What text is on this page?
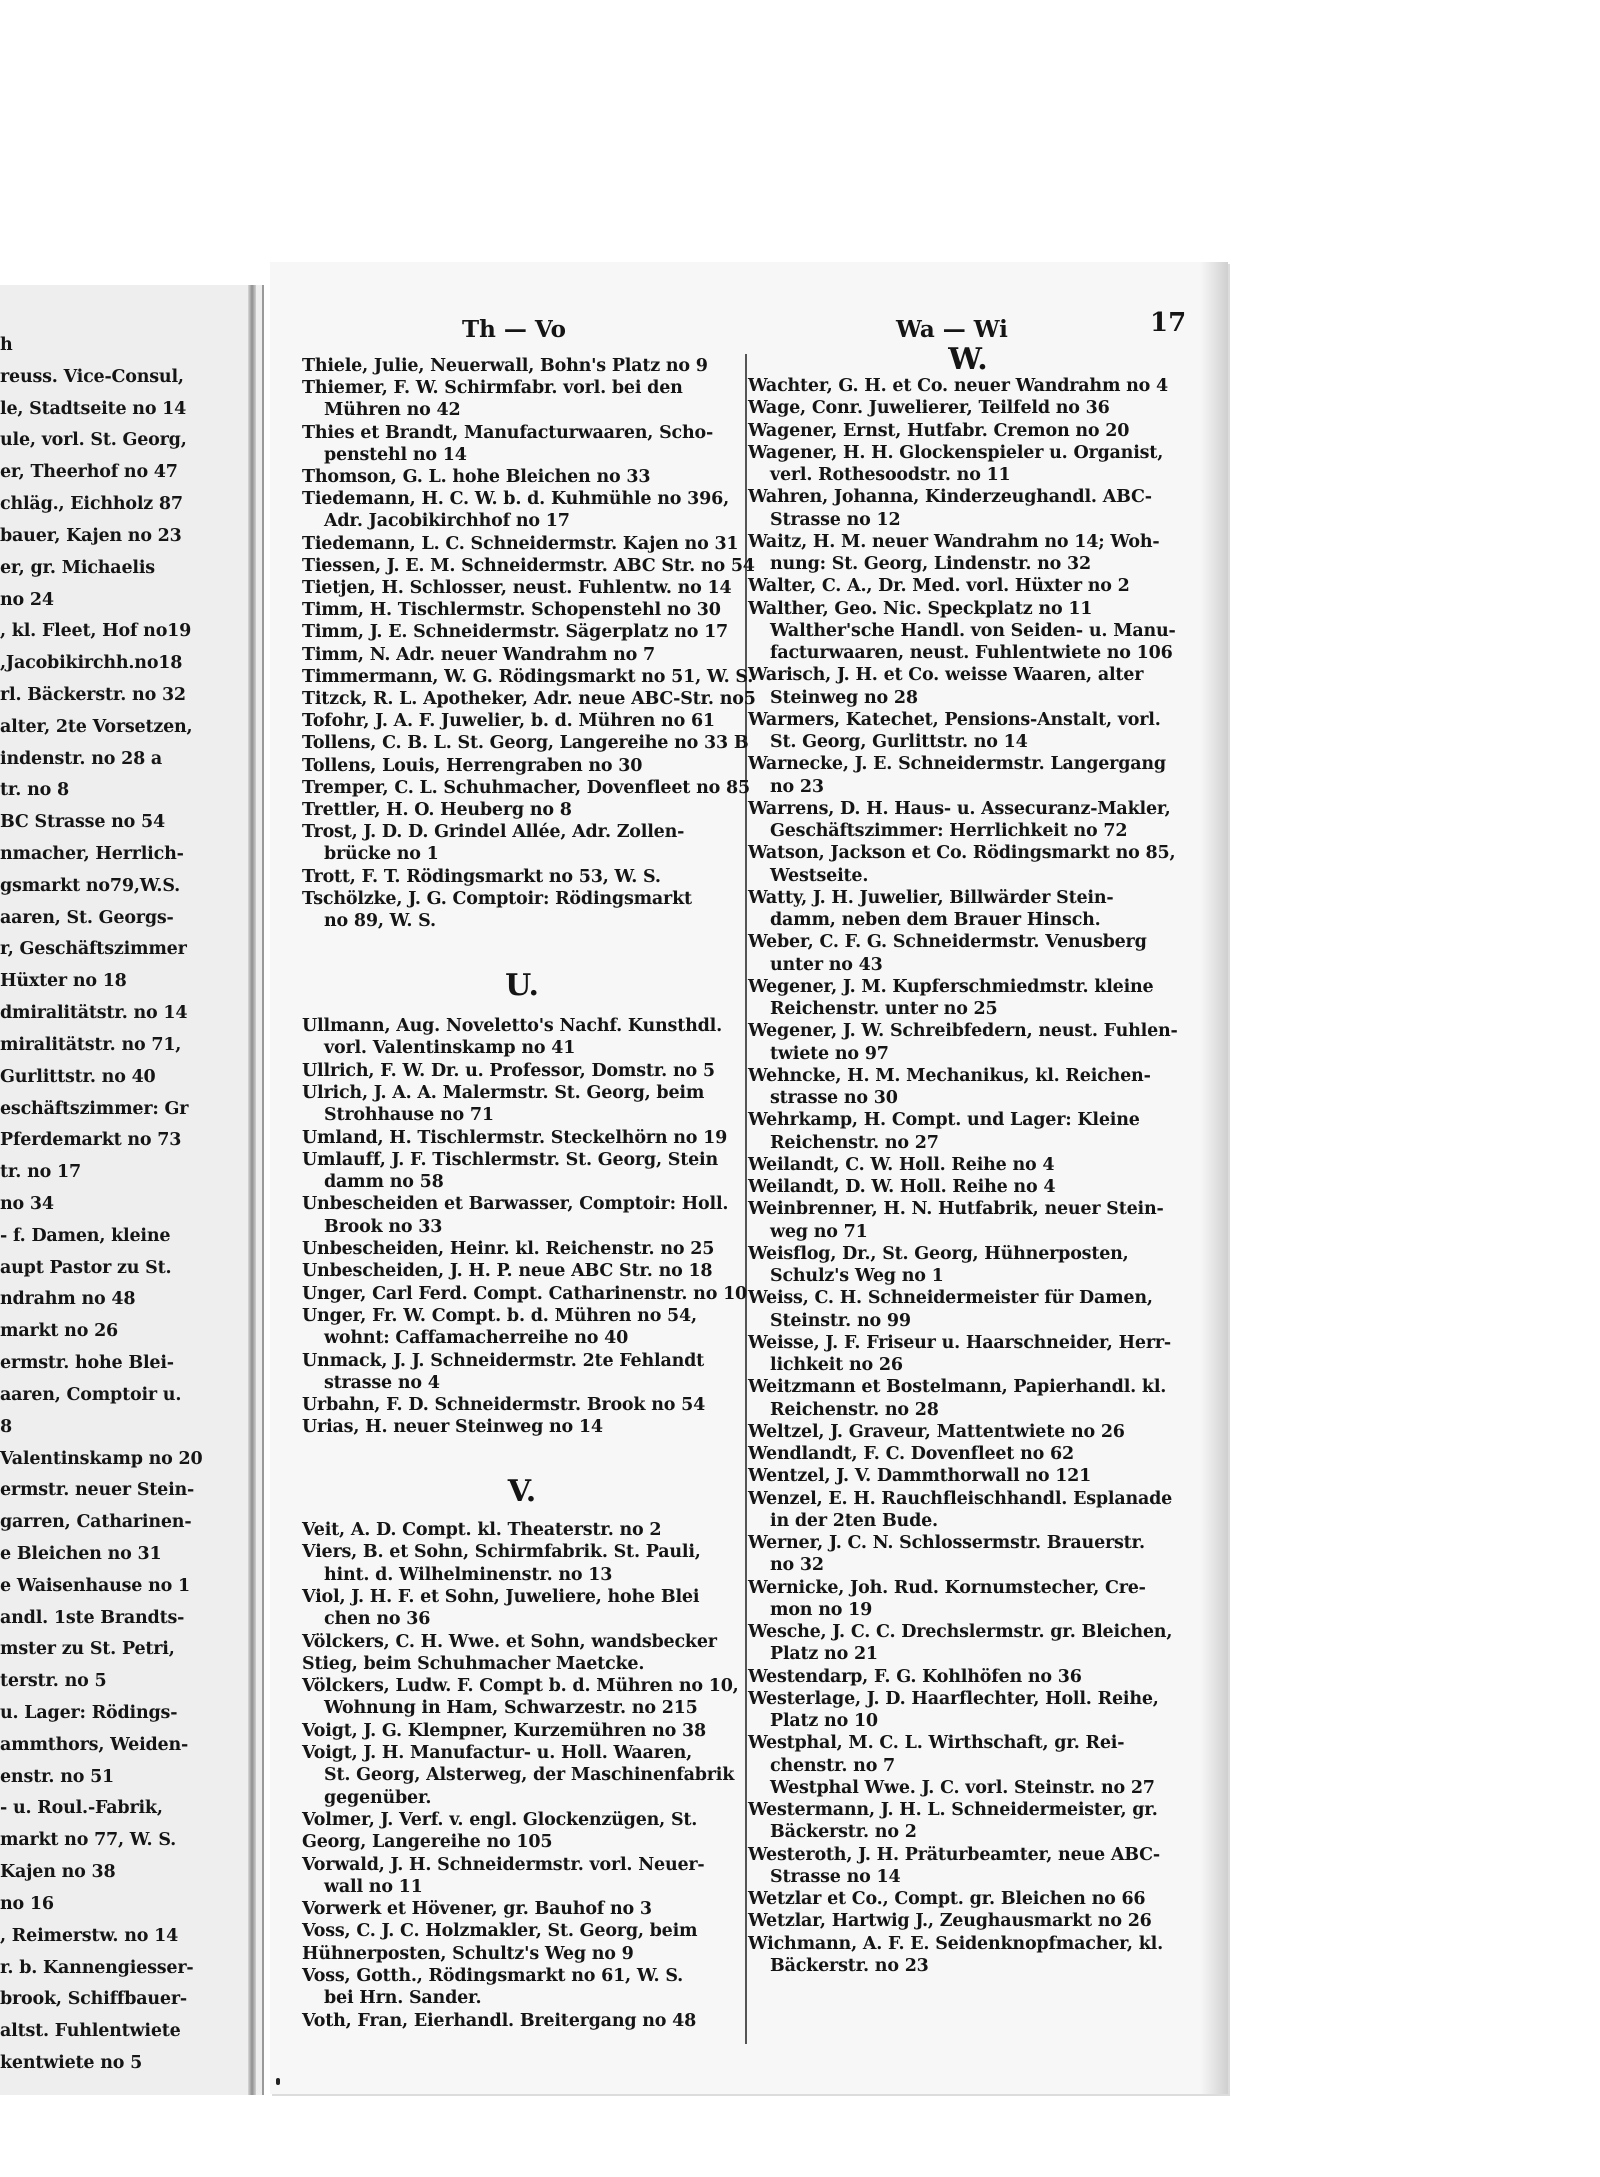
h
reuss. Vice-Consul,
le, Stadtseite no 14
ule, vorl. St. Georg,
er, Theerhof no 47
chläg., Eichholz 87
bauer, Kajen no 23
er, gr. Michaelis
no 24
, kl. Fleet, Hof no19
,Jacobikirchh.no18
rl. Bäckerstr. no 32
alter, 2te Vorsetzen,
indenstr. no 28 a
tr. no 8
BC Strasse no 54
nmacher, Herrlich-
gsmarkt no79,W.S.
aaren, St. Georgs-
r, Geschäftszimmer
Hüxter no 18
dmiralitätstr. no 14
miralitätstr. no 71,
Gurlittstr. no 40
eschäftszimmer: Gr
Pferdemarkt no 73
tr. no 17
no 34
- f. Damen, kleine
aupt Pastor zu St.
ndrahm no 48
markt no 26
ermstr. hohe Blei-
aaren, Comptoir u.
8
Valentinskamp no 20
ermstr. neuer Stein-
garren, Catharinen-
e Bleichen no 31
e Waisenhause no 1
andl. 1ste Brandts-
mster zu St. Petri,
terstr. no 5
u. Lager: Rödings-
ammthors, Weiden-
enstr. no 51
- u. Roul.-Fabrik,
markt no 77, W. S.
Kajen no 38
no 16
, Reimerstw. no 14
r. b. Kannengiesser-
brook, Schiffbauer-
altst. Fuhlentwiete
kentwiete no 5
Th — Vo	Wa — Wi	17
Thiele, Julie, Neuerwall, Bohn's Platz no 9
Thiemer, F. W. Schirmfabr. vorl. bei den
Mühren no 42
Thies et Brandt, Manufacturwaaren, Scho-
penstehl no 14
Thomson, G. L. hohe Bleichen no 33
Tiedemann, H. C. W. b. d. Kuhmühle no 396,
Adr. Jacobikirchhof no 17
Tiedemann, L. C. Schneidermstr. Kajen no 31
Tiessen, J. E. M. Schneidermstr. ABC Str. no 54
Tietjen, H. Schlosser, neust. Fuhlentw. no 14
Timm, H. Tischlermstr. Schopenstehl no 30
Timm, J. E. Schneidermstr. Sägerplatz no 17
Timm, N. Adr. neuer Wandrahm no 7
Timmermann, W. G. Rödingsmarkt no 51, W. S.
Titzck, R. L. Apotheker, Adr. neue ABC-Str. no5
Tofohr, J. A. F. Juwelier, b. d. Mühren no 61
Tollens, C. B. L. St. Georg, Langereihe no 33 B
Tollens, Louis, Herrengraben no 30
Tremper, C. L. Schuhmacher, Dovenfleet no 85
Trettler, H. O. Heuberg no 8
Trost, J. D. D. Grindel Allée, Adr. Zollen-
brücke no 1
Trott, F. T. Rödingsmarkt no 53, W. S.
Tschölzke, J. G. Comptoir: Rödingsmarkt
no 89, W. S.
U.
Ullmann, Aug. Noveletto's Nachf. Kunsthdl.
vorl. Valentinskamp no 41
Ullrich, F. W. Dr. u. Professor, Domstr. no 5
Ulrich, J. A. A. Malermstr. St. Georg, beim
Strohhause no 71
Umland, H. Tischlermstr. Steckelhörn no 19
Umlauff, J. F. Tischlermstr. St. Georg, Stein
damm no 58
Unbescheiden et Barwasser, Comptoir: Holl.
Brook no 33
Unbescheiden, Heinr. kl. Reichenstr. no 25
Unbescheiden, J. H. P. neue ABC Str. no 18
Unger, Carl Ferd. Compt. Catharinenstr. no 10
Unger, Fr. W. Compt. b. d. Mühren no 54,
wohnt: Caffamacherreihe no 40
Unmack, J. J. Schneidermstr. 2te Fehlandt
strasse no 4
Urbahn, F. D. Schneidermstr. Brook no 54
Urias, H. neuer Steinweg no 14
V.
Veit, A. D. Compt. kl. Theaterstr. no 2
Viers, B. et Sohn, Schirmfabrik. St. Pauli,
hint. d. Wilhelminenstr. no 13
Viol, J. H. F. et Sohn, Juweliere, hohe Blei
chen no 36
Völckers, C. H. Wwe. et Sohn, wandsbecker
Stieg, beim Schuhmacher Maetcke.
Völckers, Ludw. F. Compt b. d. Mühren no 10,
Wohnung in Ham, Schwarzestr. no 215
Voigt, J. G. Klempner, Kurzemühren no 38
Voigt, J. H. Manufactur- u. Holl. Waaren,
St. Georg, Alsterweg, der Maschinenfabrik
gegenüber.
Volmer, J. Verf. v. engl. Glockenzügen, St.
Georg, Langereihe no 105
Vorwald, J. H. Schneidermstr. vorl. Neuer-
wall no 11
Vorwerk et Hövener, gr. Bauhof no 3
Voss, C. J. C. Holzmakler, St. Georg, beim
Hühnerposten, Schultz's Weg no 9
Voss, Gotth., Rödingsmarkt no 61, W. S.
bei Hrn. Sander.
Voth, Fran, Eierhandl. Breitergang no 48
W.
Wachter, G. H. et Co. neuer Wandrahm no 4
Wage, Conr. Juwelierer, Teilfeld no 36
Wagener, Ernst, Hutfabr. Cremon no 20
Wagener, H. H. Glockenspieler u. Organist,
verl. Rothesoodstr. no 11
Wahren, Johanna, Kinderzeughandl. ABC-
Strasse no 12
Waitz, H. M. neuer Wandrahm no 14; Woh-
nung: St. Georg, Lindenstr. no 32
Walter, C. A., Dr. Med. vorl. Hüxter no 2
Walther, Geo. Nic. Speckplatz no 11
Walther'sche Handl. von Seiden- u. Manu-
facturwaaren, neust. Fuhlentwiete no 106
Warisch, J. H. et Co. weisse Waaren, alter
Steinweg no 28
Warmers, Katechet, Pensions-Anstalt, vorl.
St. Georg, Gurlittstr. no 14
Warnecke, J. E. Schneidermstr. Langergang
no 23
Warrens, D. H. Haus- u. Assecuranz-Makler,
Geschäftszimmer: Herrlichkeit no 72
Watson, Jackson et Co. Rödingsmarkt no 85,
Westseite.
Watty, J. H. Juwelier, Billwärder Stein-
damm, neben dem Brauer Hinsch.
Weber, C. F. G. Schneidermstr. Venusberg
unter no 43
Wegener, J. M. Kupferschmiedmstr. kleine
Reichenstr. unter no 25
Wegener, J. W. Schreibfedern, neust. Fuhlen-
twiete no 97
Wehncke, H. M. Mechanikus, kl. Reichen-
strasse no 30
Wehrkamp, H. Compt. und Lager: Kleine
Reichenstr. no 27
Weilandt, C. W. Holl. Reihe no 4
Weilandt, D. W. Holl. Reihe no 4
Weinbrenner, H. N. Hutfabrik, neuer Stein-
weg no 71
Weisflog, Dr., St. Georg, Hühnerposten,
Schulz's Weg no 1
Weiss, C. H. Schneidermeister für Damen,
Steinstr. no 99
Weisse, J. F. Friseur u. Haarschneider, Herr-
lichkeit no 26
Weitzmann et Bostelmann, Papierhandl. kl.
Reichenstr. no 28
Weltzel, J. Graveur, Mattentwiete no 26
Wendlandt, F. C. Dovenfleet no 62
Wentzel, J. V. Dammthorwall no 121
Wenzel, E. H. Rauchfleischhandl. Esplanade
in der 2ten Bude.
Werner, J. C. N. Schlossermstr. Brauerstr.
no 32
Wernicke, Joh. Rud. Kornumstecher, Cre-
mon no 19
Wesche, J. C. C. Drechslermstr. gr. Bleichen,
Platz no 21
Westendarp, F. G. Kohlhöfen no 36
Westerlage, J. D. Haarflechter, Holl. Reihe,
Platz no 10
Westphal, M. C. L. Wirthschaft, gr. Rei-
chenstr. no 7
Westphal Wwe. J. C. vorl. Steinstr. no 27
Westermann, J. H. L. Schneidermeister, gr.
Bäckerstr. no 2
Westeroth, J. H. Präturbeamter, neue ABC-
Strasse no 14
Wetzlar et Co., Compt. gr. Bleichen no 66
Wetzlar, Hartwig J., Zeughausmarkt no 26
Wichmann, A. F. E. Seidenknopfmacher, kl.
Bäckerstr. no 23
